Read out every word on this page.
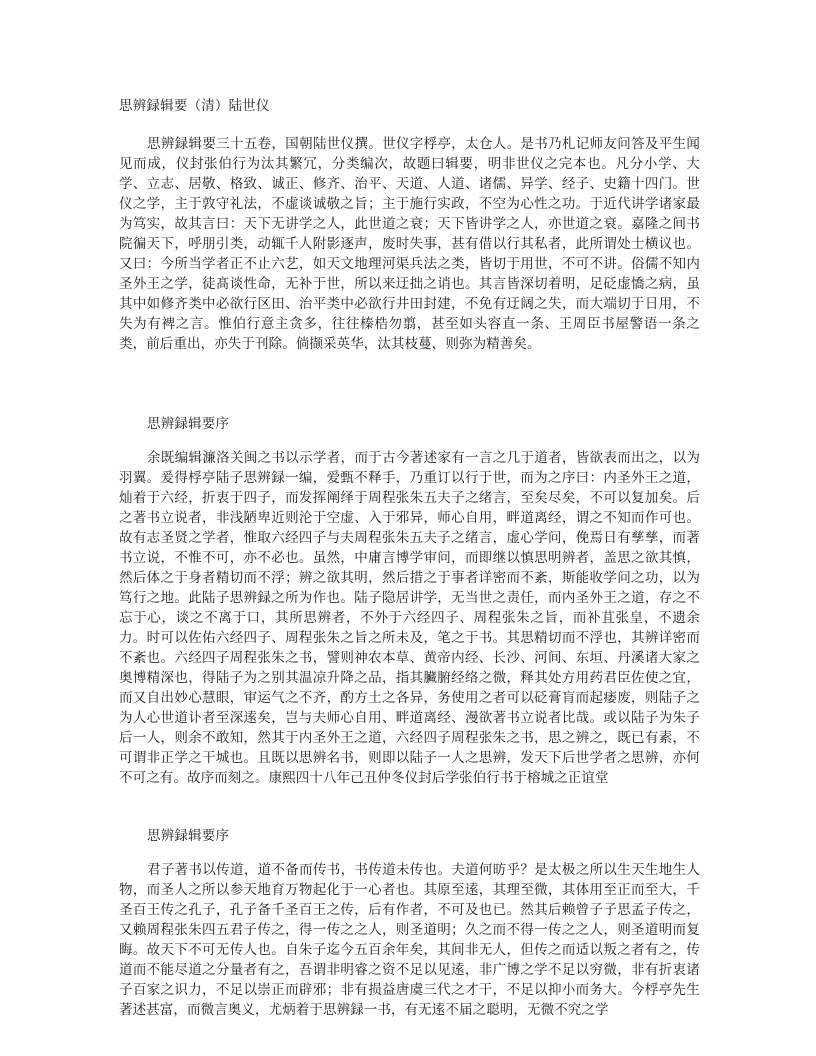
思辨録辑要（清）陆世仪

思辨録辑要三十五卷，国朝陆世仪撰。世仪字桴亭，太仓人。是书乃札记师友问答及平生闻见而成，仪封张伯行为汰其繁冗，分类编次，故题曰辑要，明非世仪之完本也。凡分小学、大学、立志、居敬、格致、诚正、修齐、治平、天道、人道、诸儒、异学、经子、史籍十四门。世仪之学，主于敦守礼法，不虚谈诚敬之旨；主于施行实政，不空为心性之功。于近代讲学诸家最为笃实，故其言曰：天下无讲学之人，此世道之衰；天下皆讲学之人，亦世道之衰。嘉隆之间书院徧天下，呼朋引类，动辄千人附影逐声，废时失事，甚有借以行其私者，此所谓处士横议也。又曰：今所当学者正不止六艺，如天文地理河渠兵法之类，皆切于用世，不可不讲。俗儒不知内圣外王之学，徒髙谈性命，无补于世，所以来迂拙之诮也。其言皆深切着明，足砭虚憍之病，虽其中如修齐类中必欲行区田、治平类中必欲行井田封建，不免有迂阔之失，而大端切于日用，不失为有裨之言。惟伯行意主贪多，往往榛梏勿翦，甚至如头容直一条、王周臣书屋警语一条之类，前后重出，亦失于刊除。倘撷采英华，汰其枝蔓，则弥为精善矣。

思辨録辑要序

余既编辑濂洛关闽之书以示学者，而于古今著述家有一言之几于道者，皆欲表而出之，以为羽翼。爰得桴亭陆子思辨録一编，爱甄不释手，乃重订以行于世，而为之序曰：内圣外王之道，灿着于六经，折衷于四子，而发挥阐绎于周程张朱五夫子之绪言，至矣尽矣，不可以复加矣。后之著书立说者，非浅陋卑近则沦于空虚、入于邪异，师心自用，畔道离经，谓之不知而作可也。故有志圣贤之学者，惟取六经四子与夫周程张朱五夫子之绪言，虚心学问，俛焉日有孳孳，而著书立说，不惟不可，亦不必也。虽然，中庸言博学审问，而即继以慎思明辨者，盖思之欲其慎，然后体之于身者精切而不浮；辨之欲其明，然后措之于事者详密而不紊，斯能收学问之功，以为笃行之地。此陆子思辨録之所为作也。陆子隐居讲学，无当世之责任，而内圣外王之道，存之不忘于心，谈之不离于口，其所思辨者，不外于六经四子、周程张朱之旨，而补苴张皇，不遗余力。时可以佐佑六经四子、周程张朱之旨之所未及，笔之于书。其思精切而不浮也，其辨详密而不紊也。六经四子周程张朱之书，譬则神农本草、黄帝内经、长沙、河间、东垣、丹溪诸大家之奥博精深也，得陆子为之别其温凉升降之品，指其臟腑经络之微，释其处方用药君臣佐使之宜，而又自出妙心慧眼，审运气之不齐，酌方土之各异，务使用之者可以砭膏肓而起痿废，则陆子之为人心世道讣者至深逺矣，岂与夫师心自用、畔道离经、漫欲著书立说者比哉。或以陆子为朱子后一人，则余不敢知，然其于内圣外王之道，六经四子周程张朱之书，思之辨之，既已有素，不可谓非正学之干城也。且既以思辨名书，则即以陆子一人之思辨，发天下后世学者之思辨，亦何不可之有。故序而刻之。康熙四十八年己丑仲冬仪封后学张伯行书于榕城之正谊堂

思辨録辑要序

君子著书以传道，道不备而传书，书传道未传也。夫道何昉乎？是太极之所以生天生地生人物，而圣人之所以参天地育万物起化于一心者也。其原至逺，其理至微，其体用至正而至大，千圣百王传之孔子，孔子备千圣百王之传，后有作者，不可及也已。然其后赖曾子子思孟子传之，又赖周程张朱四五君子传之，得一传之之人，则圣道明；久之而不得一传之之人，则圣道明而复晦。故天下不可无传人也。自朱子迄今五百余年矣，其间非无人，但传之而适以叛之者有之，传道而不能尽道之分量者有之，吾谓非明睿之资不足以见逺，非广博之学不足以穷微，非有折衷诸子百家之识力，不足以崇正而辟邪；非有损益唐虞三代之才干，不足以抑小而务大。今桴亭先生著述甚富，而微言奥义，尤炳着于思辨録一书，有无逺不届之聪明，无微不究之学
